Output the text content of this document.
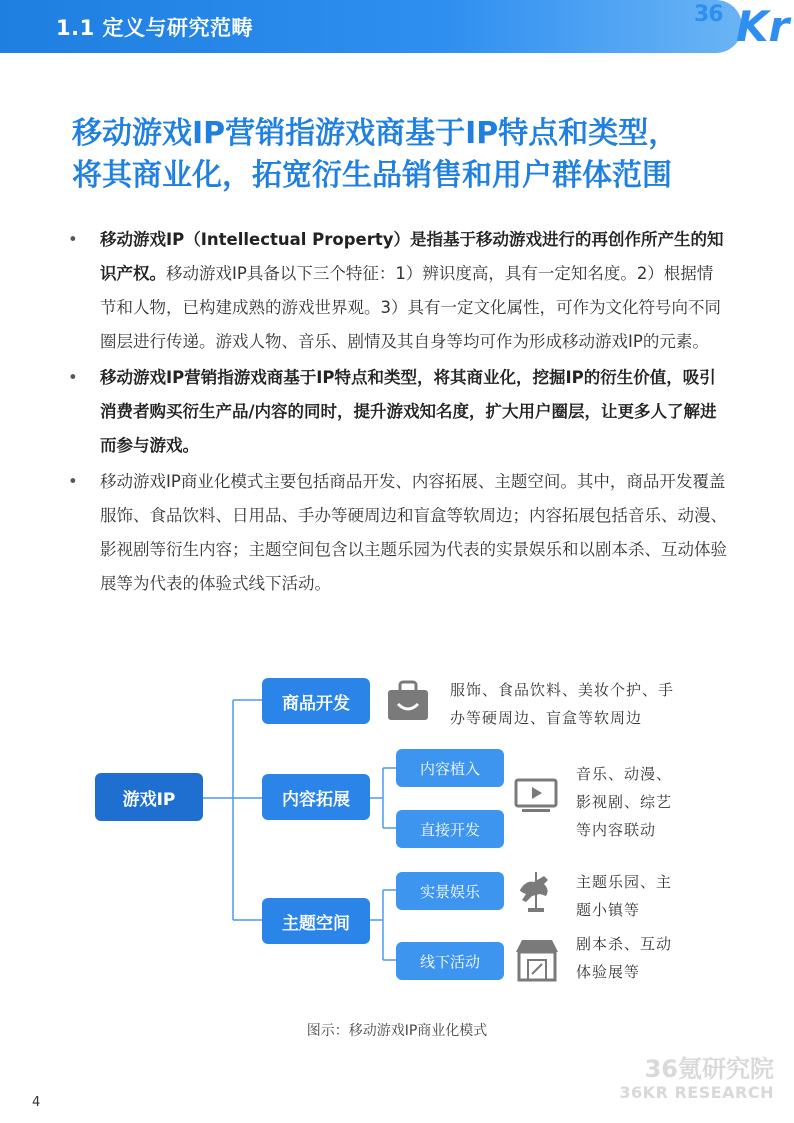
1.1 定义与研究范畴
36 Kr
移动游戏IP营销指游戏商基于IP特点和类型，
将其商业化，拓宽衍生品销售和用户群体范围
• 移动游戏IP（Intellectual Property）是指基于移动游戏进行的再创作所产生的知识产权。移动游戏IP具备以下三个特征：1）辨识度高，具有一定知名度。2）根据情节和人物，已构建成熟的游戏世界观。3）具有一定文化属性，可作为文化符号向不同圈层进行传递。游戏人物、音乐、剧情及其自身等均可作为形成移动游戏IP的元素。
• 移动游戏IP营销指游戏商基于IP特点和类型，将其商业化，挖掘IP的衍生价值，吸引消费者购买衍生产品/内容的同时，提升游戏知名度，扩大用户圈层，让更多人了解进而参与游戏。
• 移动游戏IP商业化模式主要包括商品开发、内容拓展、主题空间。其中，商品开发覆盖服饰、食品饮料、日用品、手办等硬周边和盲盒等软周边；内容拓展包括音乐、动漫、影视剧等衍生内容；主题空间包含以主题乐园为代表的实景娱乐和以剧本杀、互动体验展等为代表的体验式线下活动。
游戏IP
商品开发
内容拓展
主题空间
内容植入
直接开发
实景娱乐
线下活动
服饰、食品饮料、美妆个护、手
办等硬周边、盲盒等软周边
音乐、动漫、
影视剧、综艺
等内容联动
主题乐园、主
题小镇等
剧本杀、互动
体验展等
图示：移动游戏IP商业化模式
36氪研究院
36KR RESEARCH
4
